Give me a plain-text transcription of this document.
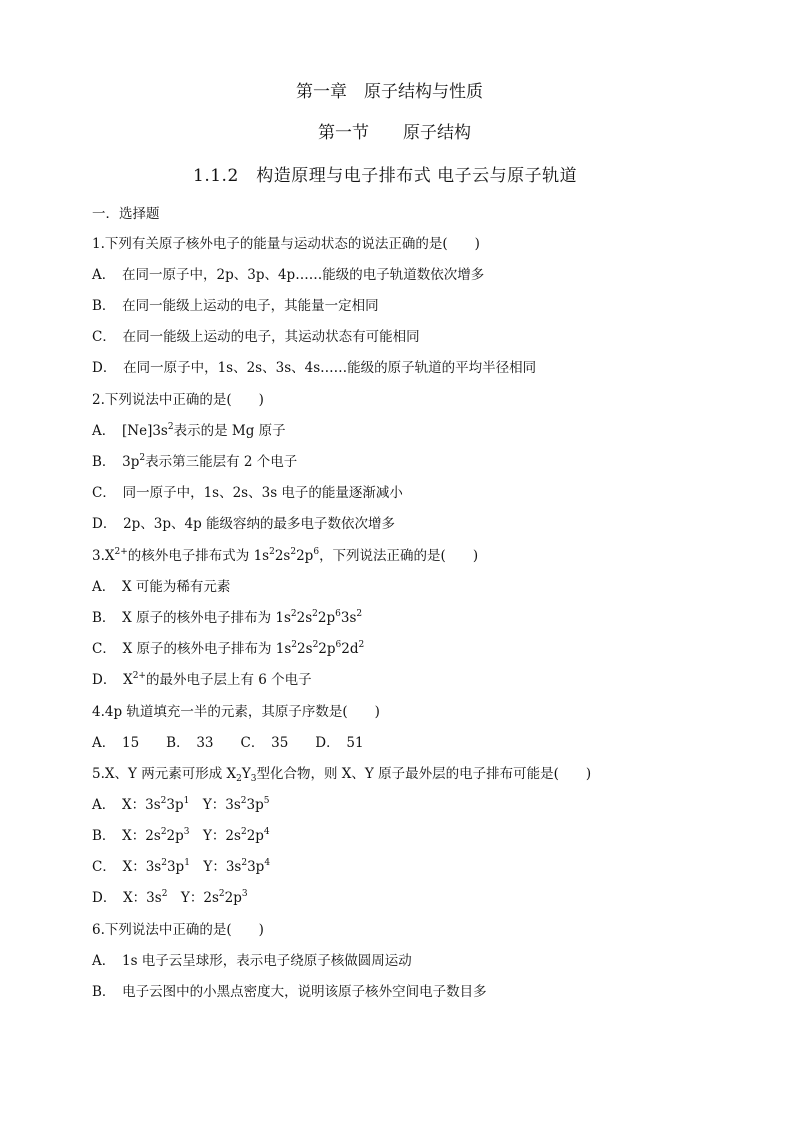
第一章　原子结构与性质
第一节　　原子结构
1.1.2　构造原理与电子排布式 电子云与原子轨道
一．选择题
1.下列有关原子核外电子的能量与运动状态的说法正确的是(　　)
A．　在同一原子中，2p、3p、4p……能级的电子轨道数依次增多
B．　在同一能级上运动的电子，其能量一定相同
C．　在同一能级上运动的电子，其运动状态有可能相同
D．　在同一原子中，1s、2s、3s、4s……能级的原子轨道的平均半径相同
2.下列说法中正确的是(　　)
A．　$[Ne]3s^2$表示的是 Mg 原子
B．　$3p^2$表示第三能层有 2 个电子
C．　同一原子中，1s、2s、3s 电子的能量逐渐减小
D．　2p、3p、4p 能级容纳的最多电子数依次增多
$3.X^{2+}$的核外电子排布式为 $1s^22s^22p^6$，下列说法正确的是(　　)
A．　X 可能为稀有元素
B．　X 原子的核外电子排布为 $1s^22s^22p^63s^2$
C．　X 原子的核外电子排布为 $1s^22s^22p^62d^2$
D．　$X^{2+}$的最外电子层上有 6 个电子
4.4p 轨道填充一半的元素，其原子序数是(　　)
A．　15　　B．　33　　C．　35　　D．　51
5.X、Y 两元素可形成 $X_2Y_3$型化合物，则 X、Y 原子最外层的电子排布可能是(　　)
A．　X：$3s^23p^1$　Y：$3s^23p^5$
B．　X：$2s^22p^3$　Y：$2s^22p^4$
C．　X：$3s^23p^1$　Y：$3s^23p^4$
D．　X：$3s^2$　Y：$2s^22p^3$
6.下列说法中正确的是(　　)
A．　1s 电子云呈球形，表示电子绕原子核做圆周运动
B．　电子云图中的小黑点密度大，说明该原子核外空间电子数目多
